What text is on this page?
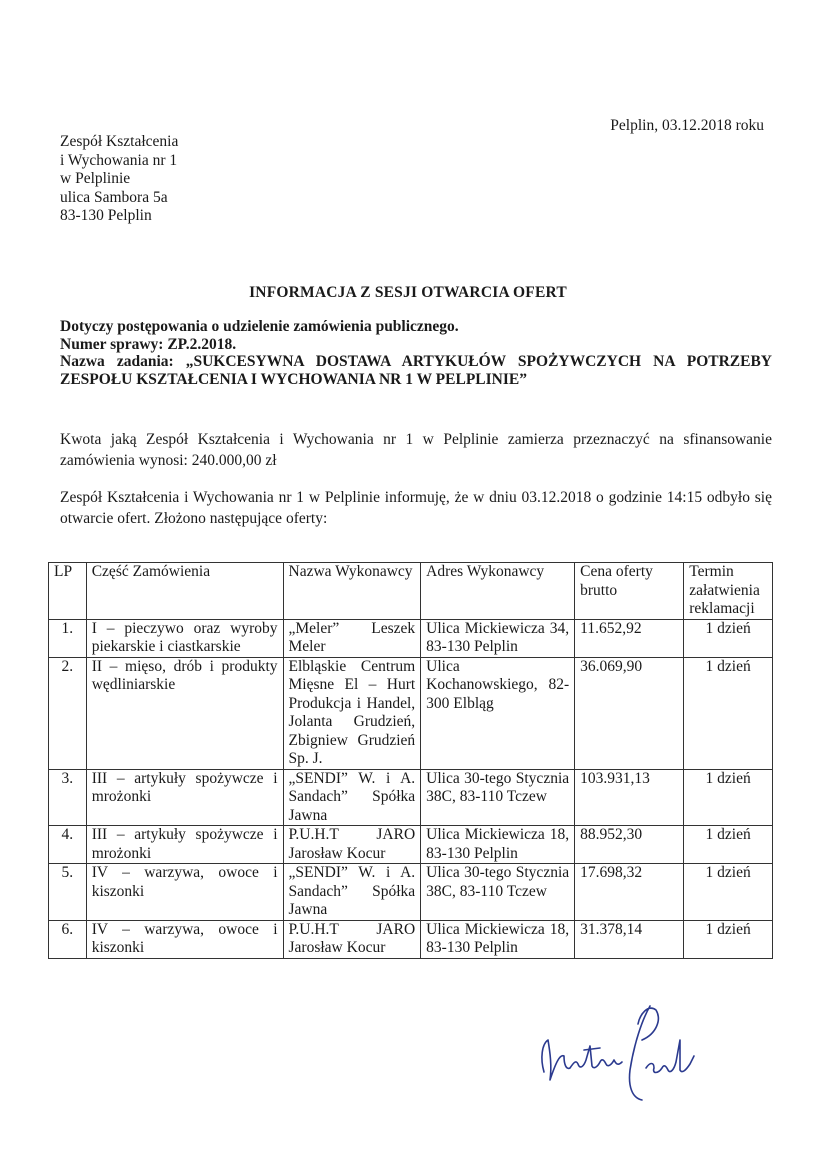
Pelplin, 03.12.2018 roku
Zespół Kształcenia
i Wychowania nr 1
w Pelplinie
ulica Sambora 5a
83-130 Pelplin
INFORMACJA Z SESJI OTWARCIA OFERT
Dotyczy postępowania o udzielenie zamówienia publicznego.
Numer sprawy: ZP.2.2018.
Nazwa zadania: „SUKCESYWNA DOSTAWA ARTYKUŁÓW SPOŻYWCZYCH NA POTRZEBY ZESPOŁU KSZTAŁCENIA I WYCHOWANIA NR 1 W PELPLINIE”
Kwota jaką Zespół Kształcenia i Wychowania nr 1 w Pelplinie zamierza przeznaczyć na sfinansowanie zamówienia wynosi: 240.000,00 zł
Zespół Kształcenia i Wychowania nr 1 w Pelplinie informuję, że w dniu 03.12.2018 o godzinie 14:15 odbyło się otwarcie ofert. Złożono następujące oferty:
LP	Część Zamówienia	Nazwa Wykonawcy	Adres Wykonawcy	Cena oferty brutto	Termin załatwienia reklamacji
1.	I – pieczywo oraz wyroby piekarskie i ciastkarskie	„Meler” Leszek Meler	Ulica Mickiewicza 34, 83-130 Pelplin	11.652,92	1 dzień
2.	II – mięso, drób i produkty wędliniarskie	Elbląskie Centrum Mięsne El – Hurt Produkcja i Handel, Jolanta Grudzień, Zbigniew Grudzień Sp. J.	Ulica Kochanowskiego, 82-300 Elbląg	36.069,90	1 dzień
3.	III – artykuły spożywcze i mrożonki	„SENDI” W. i A. Sandach” Spółka Jawna	Ulica 30-tego Stycznia 38C, 83-110 Tczew	103.931,13	1 dzień
4.	III – artykuły spożywcze i mrożonki	P.U.H.T JARO Jarosław Kocur	Ulica Mickiewicza 18, 83-130 Pelplin	88.952,30	1 dzień
5.	IV – warzywa, owoce i kiszonki	„SENDI” W. i A. Sandach” Spółka Jawna	Ulica 30-tego Stycznia 38C, 83-110 Tczew	17.698,32	1 dzień
6.	IV – warzywa, owoce i kiszonki	P.U.H.T JARO Jarosław Kocur	Ulica Mickiewicza 18, 83-130 Pelplin	31.378,14	1 dzień
